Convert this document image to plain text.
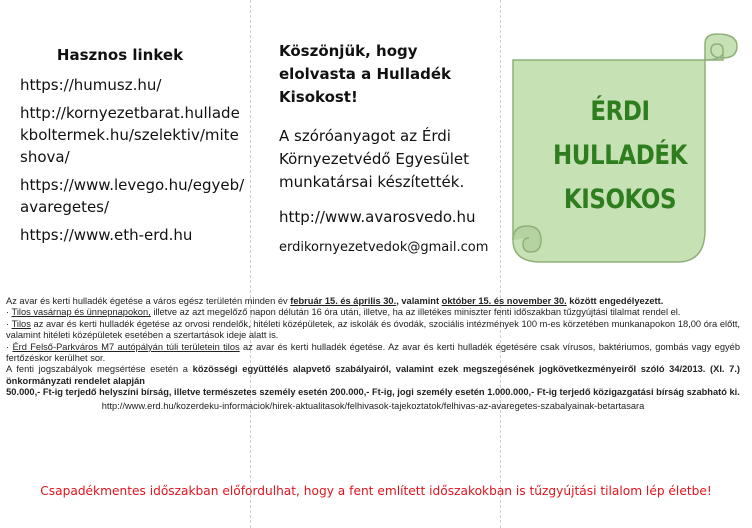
Hasznos linkek
https://humusz.hu/
http://kornyezetbarat.hulladekboltermek.hu/szelektiv/miteshova/
https://www.levego.hu/egyeb/avaregetes/
https://www.eth-erd.hu
Köszönjük, hogy elolvasta a Hulladék Kisokost!
A szóróanyagot az Érdi Környezetvédő Egyesület munkatársai készítették.
http://www.avarosvedo.hu
erdikornyezetvedok@gmail.com
ÉRDI
HULLADÉK
KISOKOS

Az avar és kerti hulladék égetése a város egész területén minden év február 15. és április 30., valamint október 15. és november 30. között engedélyezett.

· Tilos vasárnap és ünnepnapokon, illetve az azt megelőző napon délután 16 óra után, illetve, ha az illetékes miniszter fenti időszakban tűzgyújtási tilalmat rendel el.

· Tilos az avar és kerti hulladék égetése az orvosi rendelők, hitéleti középületek, az iskolák és óvodák, szociális intézmények 100 m-es körzetében munkanapokon 18,00 óra előtt, valamint hitéleti középületek esetében a szertartások ideje alatt is.

· Érd Felső-Parkváros M7 autópályán túli területein tilos az avar és kerti hulladék égetése. Az avar és kerti hulladék égetésére csak vírusos, baktériumos, gombás vagy egyéb fertőzéskor kerülhet sor.

A fenti jogszabályok megsértése esetén a közösségi együttélés alapvető szabályairól, valamint ezek megszegésének jogkövetkezményeiről szóló 34/2013. (XI. 7.) önkormányzati rendelet alapján

50.000,- Ft-ig terjedő helyszíni bírság, illetve természetes személy esetén 200.000,- Ft-ig, jogi személy esetén 1.000.000,- Ft-ig terjedő közigazgatási bírság szabható ki.

http://www.erd.hu/kozerdeku-informaciok/hirek-aktualitasok/felhivasok-tajekoztatok/felhivas-az-avaregetes-szabalyainak-betartasara

Csapadékmentes időszakban előfordulhat, hogy a fent említett időszakokban is tűzgyújtási tilalom lép életbe!
